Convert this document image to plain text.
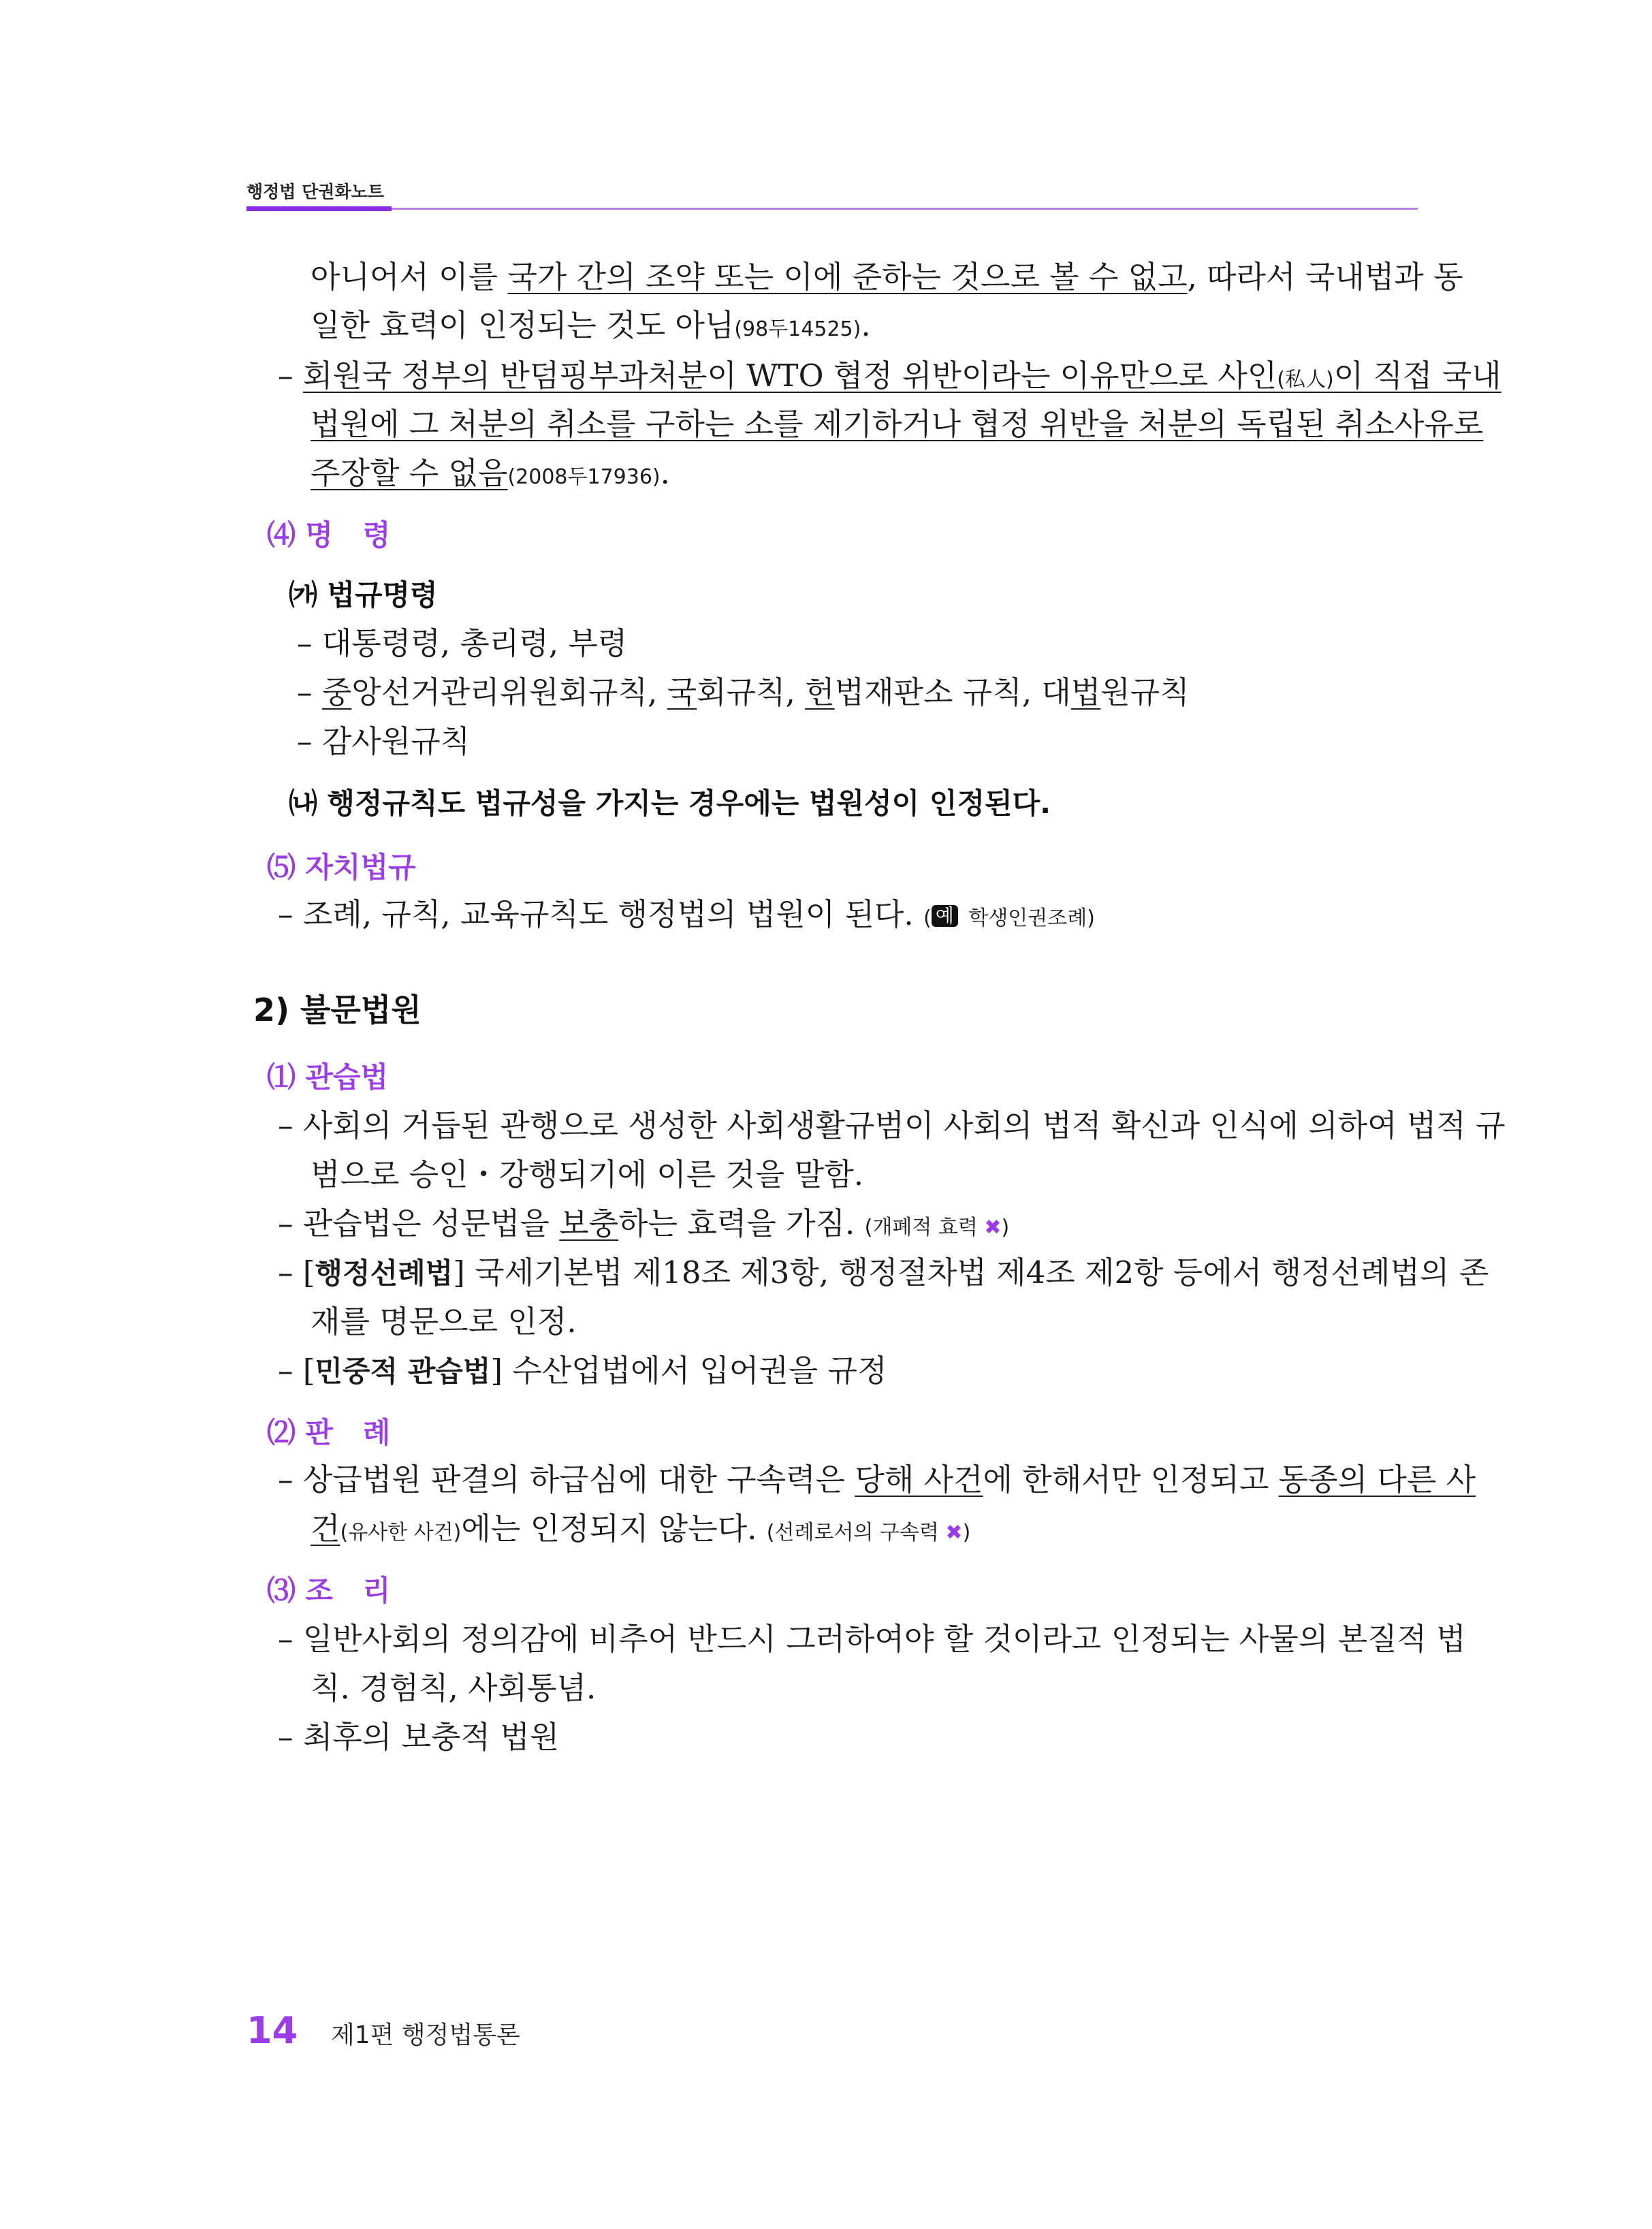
행정법 단권화노트
아니어서 이를 국가 간의 조약 또는 이에 준하는 것으로 볼 수 없고, 따라서 국내법과 동
일한 효력이 인정되는 것도 아님(98두14525).
– 회원국 정부의 반덤핑부과처분이 WTO 협정 위반이라는 이유만으로 사인(私人)이 직접 국내
법원에 그 처분의 취소를 구하는 소를 제기하거나 협정 위반을 처분의 독립된 취소사유로
주장할 수 없음(2008두17936).
⑷ 명   령
㈎ 법규명령
– 대통령령, 총리령, 부령
– 중앙선거관리위원회규칙, 국회규칙, 헌법재판소 규칙, 대법원규칙
– 감사원규칙
㈏ 행정규칙도 법규성을 가지는 경우에는 법원성이 인정된다.
⑸ 자치법규
– 조례, 규칙, 교육규칙도 행정법의 법원이 된다. ( 예 학생인권조례)
2) 불문법원
⑴ 관습법
– 사회의 거듭된 관행으로 생성한 사회생활규범이 사회의 법적 확신과 인식에 의하여 법적 규
범으로 승인・강행되기에 이른 것을 말함.
– 관습법은 성문법을 보충하는 효력을 가짐. (개폐적 효력 ✖)
– [행정선례법] 국세기본법 제18조 제3항, 행정절차법 제4조 제2항 등에서 행정선례법의 존
재를 명문으로 인정.
– [민중적 관습법] 수산업법에서 입어권을 규정
⑵ 판   례
– 상급법원 판결의 하급심에 대한 구속력은 당해 사건에 한해서만 인정되고 동종의 다른 사
건(유사한 사건)에는 인정되지 않는다. (선례로서의 구속력 ✖)
⑶ 조   리
– 일반사회의 정의감에 비추어 반드시 그러하여야 할 것이라고 인정되는 사물의 본질적 법
칙. 경험칙, 사회통념.
– 최후의 보충적 법원
14 제1편 행정법통론
